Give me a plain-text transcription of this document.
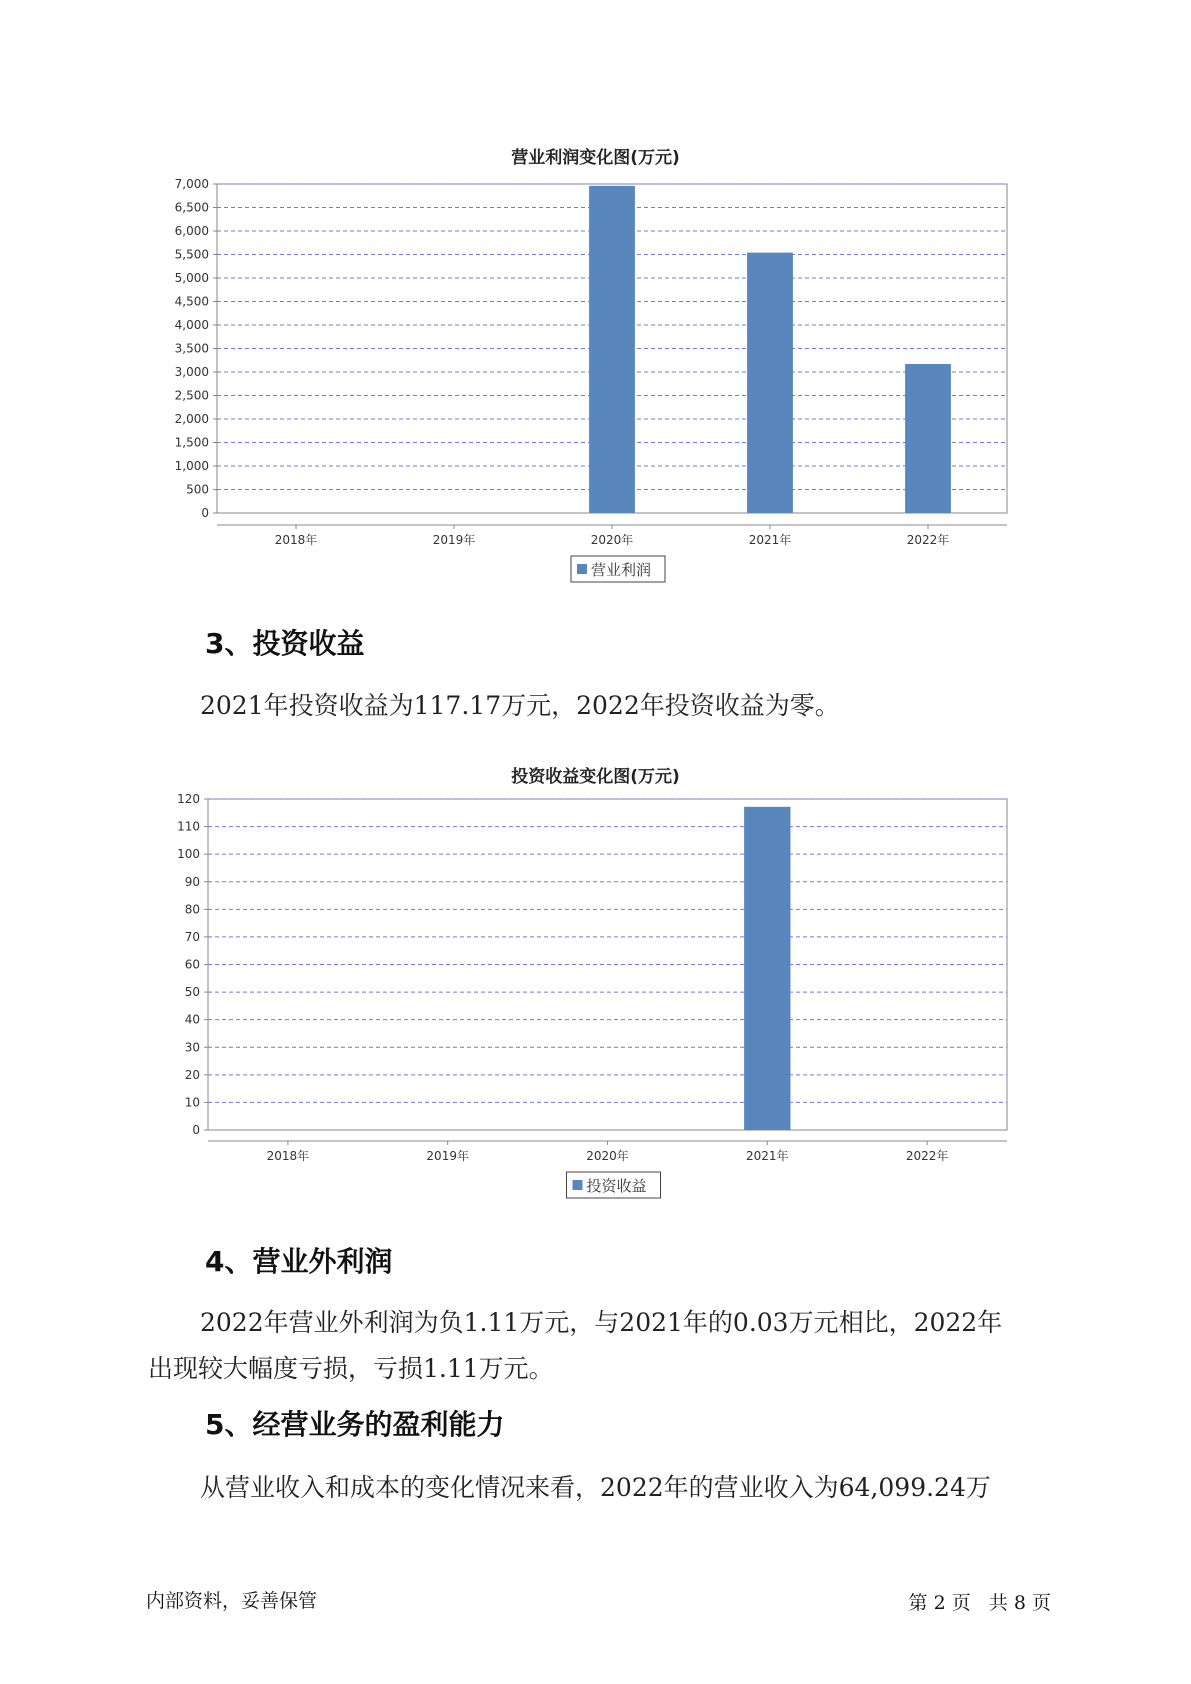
营业利润变化图(万元)
0
500
1,000
1,500
2,000
2,500
3,000
3,500
4,000
4,500
5,000
5,500
6,000
6,500
7,000
2018年	2019年	2020年	2021年	2022年
营业利润
3、投资收益
2021年投资收益为117.17万元，2022年投资收益为零。
投资收益变化图(万元)
0
10
20
30
40
50
60
70
80
90
100
110
120
2018年	2019年	2020年	2021年	2022年
投资收益
4、营业外利润
2022年营业外利润为负1.11万元，与2021年的0.03万元相比，2022年
出现较大幅度亏损，亏损1.11万元。
5、经营业务的盈利能力
从营业收入和成本的变化情况来看，2022年的营业收入为64,099.24万
内部资料，妥善保管	第 2 页   共 8 页
